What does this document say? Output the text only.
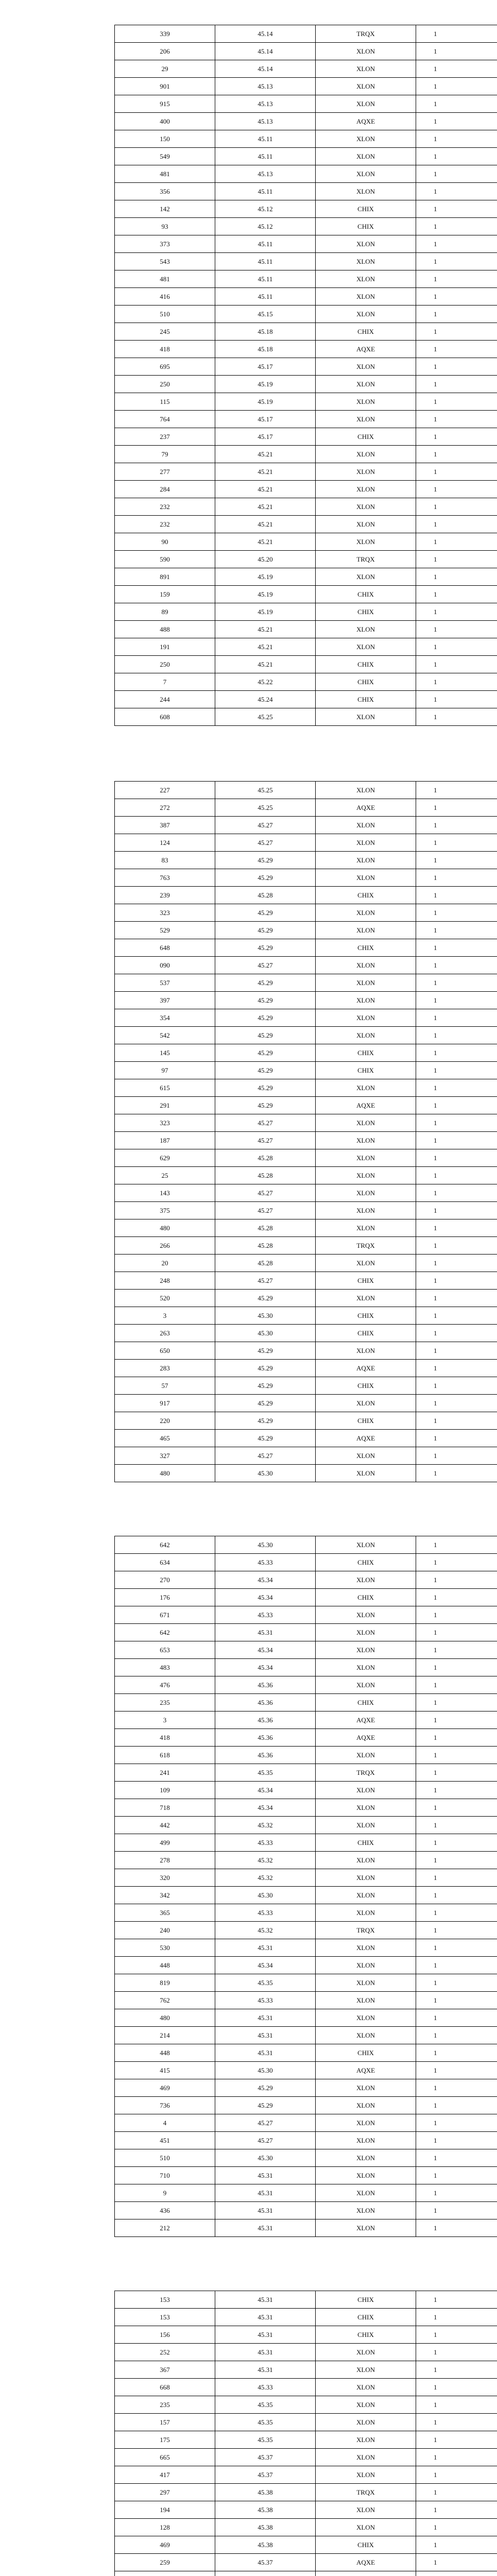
339	45.14	TRQX	1
206	45.14	XLON	1
29	45.14	XLON	1
901	45.13	XLON	1
915	45.13	XLON	1
400	45.13	AQXE	1
150	45.11	XLON	1
549	45.11	XLON	1
481	45.13	XLON	1
356	45.11	XLON	1
142	45.12	CHIX	1
93	45.12	CHIX	1
373	45.11	XLON	1
543	45.11	XLON	1
481	45.11	XLON	1
416	45.11	XLON	1
510	45.15	XLON	1
245	45.18	CHIX	1
418	45.18	AQXE	1
695	45.17	XLON	1
250	45.19	XLON	1
115	45.19	XLON	1
764	45.17	XLON	1
237	45.17	CHIX	1
79	45.21	XLON	1
277	45.21	XLON	1
284	45.21	XLON	1
232	45.21	XLON	1
232	45.21	XLON	1
90	45.21	XLON	1
590	45.20	TRQX	1
891	45.19	XLON	1
159	45.19	CHIX	1
89	45.19	CHIX	1
488	45.21	XLON	1
191	45.21	XLON	1
250	45.21	CHIX	1
7	45.22	CHIX	1
244	45.24	CHIX	1
608	45.25	XLON	1
227	45.25	XLON	1
272	45.25	AQXE	1
387	45.27	XLON	1
124	45.27	XLON	1
83	45.29	XLON	1
763	45.29	XLON	1
239	45.28	CHIX	1
323	45.29	XLON	1
529	45.29	XLON	1
648	45.29	CHIX	1
090	45.27	XLON	1
537	45.29	XLON	1
397	45.29	XLON	1
354	45.29	XLON	1
542	45.29	XLON	1
145	45.29	CHIX	1
97	45.29	CHIX	1
615	45.29	XLON	1
291	45.29	AQXE	1
323	45.27	XLON	1
187	45.27	XLON	1
629	45.28	XLON	1
25	45.28	XLON	1
143	45.27	XLON	1
375	45.27	XLON	1
480	45.28	XLON	1
266	45.28	TRQX	1
20	45.28	XLON	1
248	45.27	CHIX	1
520	45.29	XLON	1
3	45.30	CHIX	1
263	45.30	CHIX	1
650	45.29	XLON	1
283	45.29	AQXE	1
57	45.29	CHIX	1
917	45.29	XLON	1
220	45.29	CHIX	1
465	45.29	AQXE	1
327	45.27	XLON	1
480	45.30	XLON	1
642	45.30	XLON	1
634	45.33	CHIX	1
270	45.34	XLON	1
176	45.34	CHIX	1
671	45.33	XLON	1
642	45.31	XLON	1
653	45.34	XLON	1
483	45.34	XLON	1
476	45.36	XLON	1
235	45.36	CHIX	1
3	45.36	AQXE	1
418	45.36	AQXE	1
618	45.36	XLON	1
241	45.35	TRQX	1
109	45.34	XLON	1
718	45.34	XLON	1
442	45.32	XLON	1
499	45.33	CHIX	1
278	45.32	XLON	1
320	45.32	XLON	1
342	45.30	XLON	1
365	45.33	XLON	1
240	45.32	TRQX	1
530	45.31	XLON	1
448	45.34	XLON	1
819	45.35	XLON	1
762	45.33	XLON	1
480	45.31	XLON	1
214	45.31	XLON	1
448	45.31	CHIX	1
415	45.30	AQXE	1
469	45.29	XLON	1
736	45.29	XLON	1
4	45.27	XLON	1
451	45.27	XLON	1
510	45.30	XLON	1
710	45.31	XLON	1
9	45.31	XLON	1
436	45.31	XLON	1
212	45.31	XLON	1
153	45.31	CHIX	1
153	45.31	CHIX	1
156	45.31	CHIX	1
252	45.31	XLON	1
367	45.31	XLON	1
668	45.33	XLON	1
235	45.35	XLON	1
157	45.35	XLON	1
175	45.35	XLON	1
665	45.37	XLON	1
417	45.37	XLON	1
297	45.38	TRQX	1
194	45.38	XLON	1
128	45.38	XLON	1
469	45.38	CHIX	1
259	45.37	AQXE	1
